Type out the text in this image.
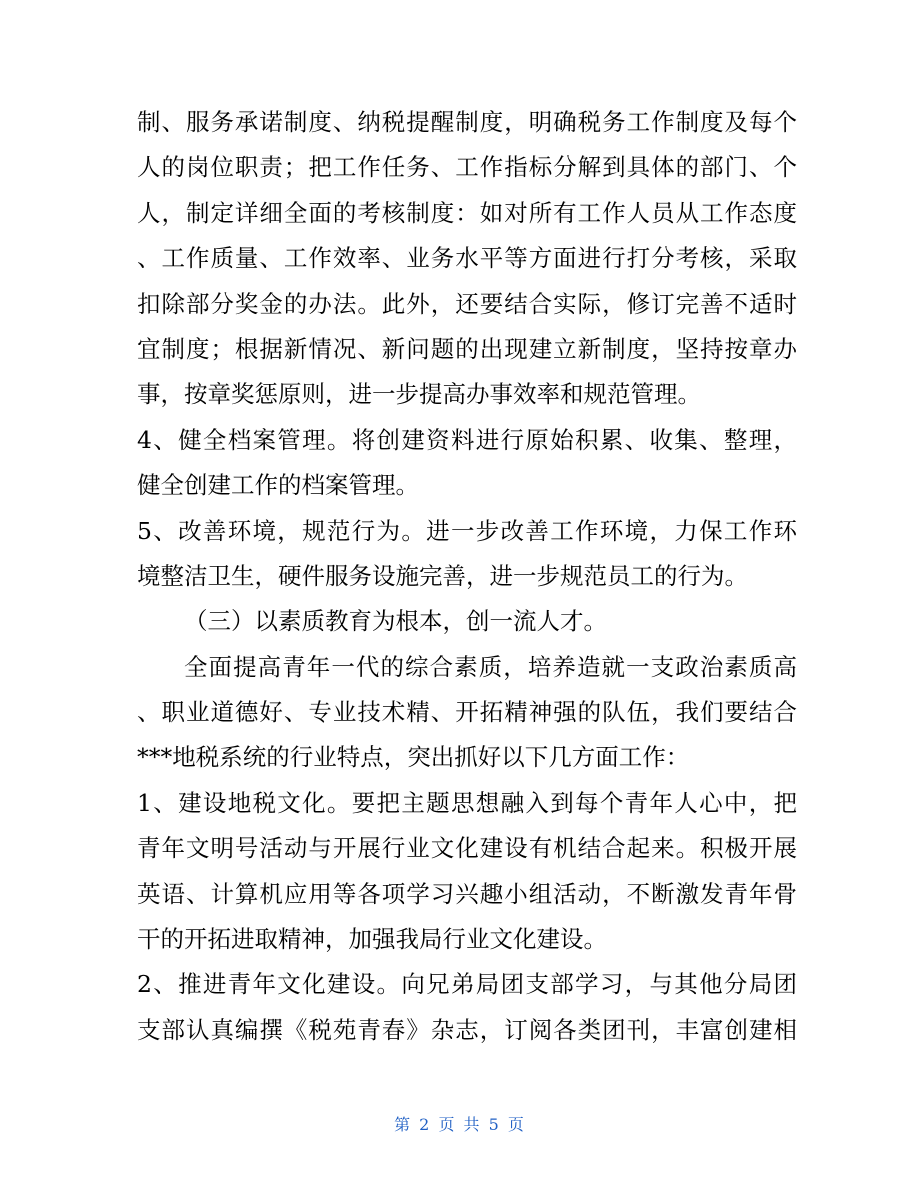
制、服务承诺制度、纳税提醒制度，明确税务工作制度及每个
人的岗位职责；把工作任务、工作指标分解到具体的部门、个
人，制定详细全面的考核制度：如对所有工作人员从工作态度
、工作质量、工作效率、业务水平等方面进行打分考核，采取
扣除部分奖金的办法。此外，还要结合实际，修订完善不适时
宜制度；根据新情况、新问题的出现建立新制度，坚持按章办
事，按章奖惩原则，进一步提高办事效率和规范管理。
4、健全档案管理。将创建资料进行原始积累、收集、整理，
健全创建工作的档案管理。
5、改善环境，规范行为。进一步改善工作环境，力保工作环
境整洁卫生，硬件服务设施完善，进一步规范员工的行为。
（三）以素质教育为根本，创一流人才。
全面提高青年一代的综合素质，培养造就一支政治素质高
、职业道德好、专业技术精、开拓精神强的队伍，我们要结合
***地税系统的行业特点，突出抓好以下几方面工作：
1、建设地税文化。要把主题思想融入到每个青年人心中，把
青年文明号活动与开展行业文化建设有机结合起来。积极开展
英语、计算机应用等各项学习兴趣小组活动，不断激发青年骨
干的开拓进取精神，加强我局行业文化建设。
2、推进青年文化建设。向兄弟局团支部学习，与其他分局团
支部认真编撰《税苑青春》杂志，订阅各类团刊，丰富创建相
第 2 页 共 5 页
